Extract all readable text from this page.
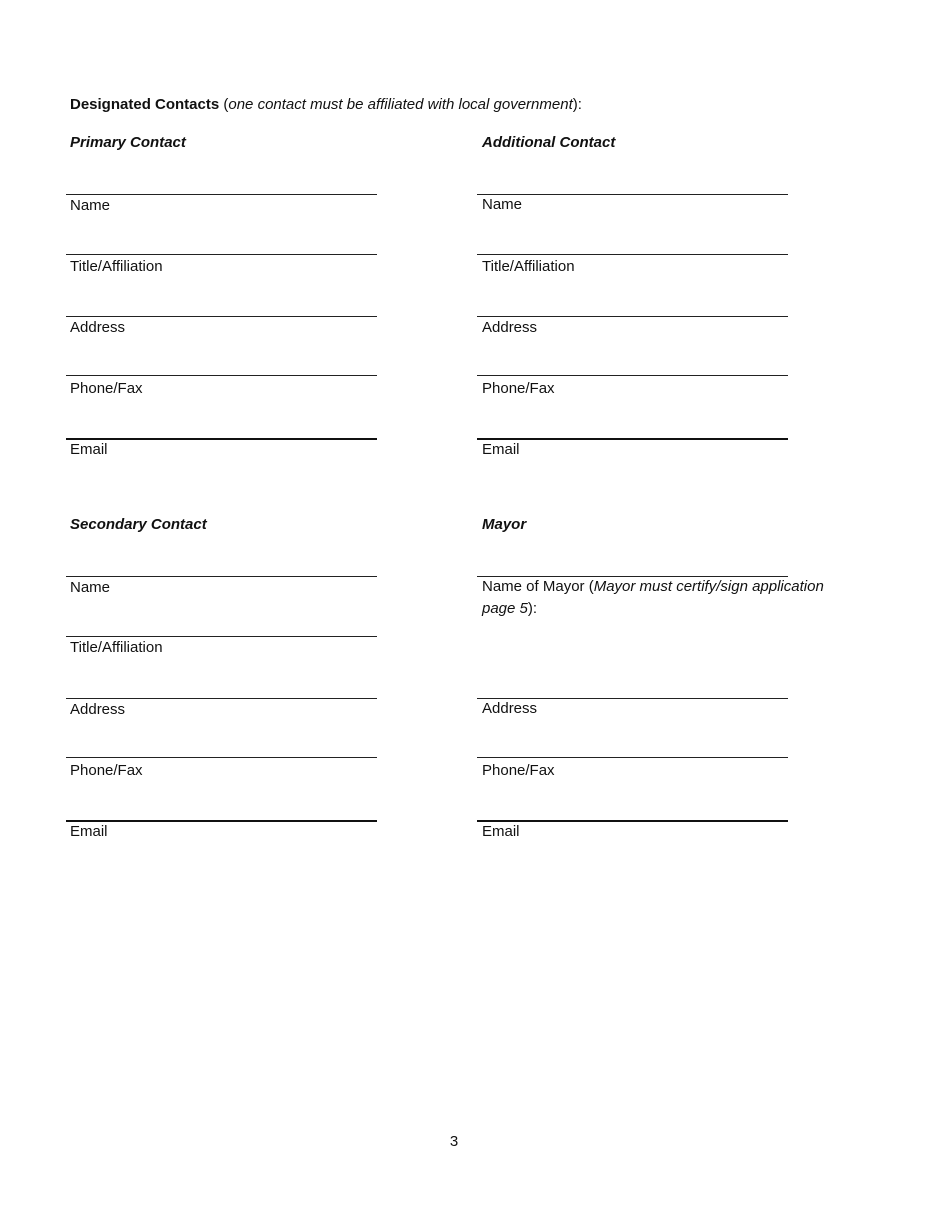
Designated Contacts (one contact must be affiliated with local government):
Primary Contact
Name
Title/Affiliation
Address
Phone/Fax
Email
Additional Contact
Name
Title/Affiliation
Address
Phone/Fax
Email
Secondary Contact
Name
Title/Affiliation
Address
Phone/Fax
Email
Mayor
Name of Mayor (Mayor must certify/sign application page 5):
Address
Phone/Fax
Email
3
